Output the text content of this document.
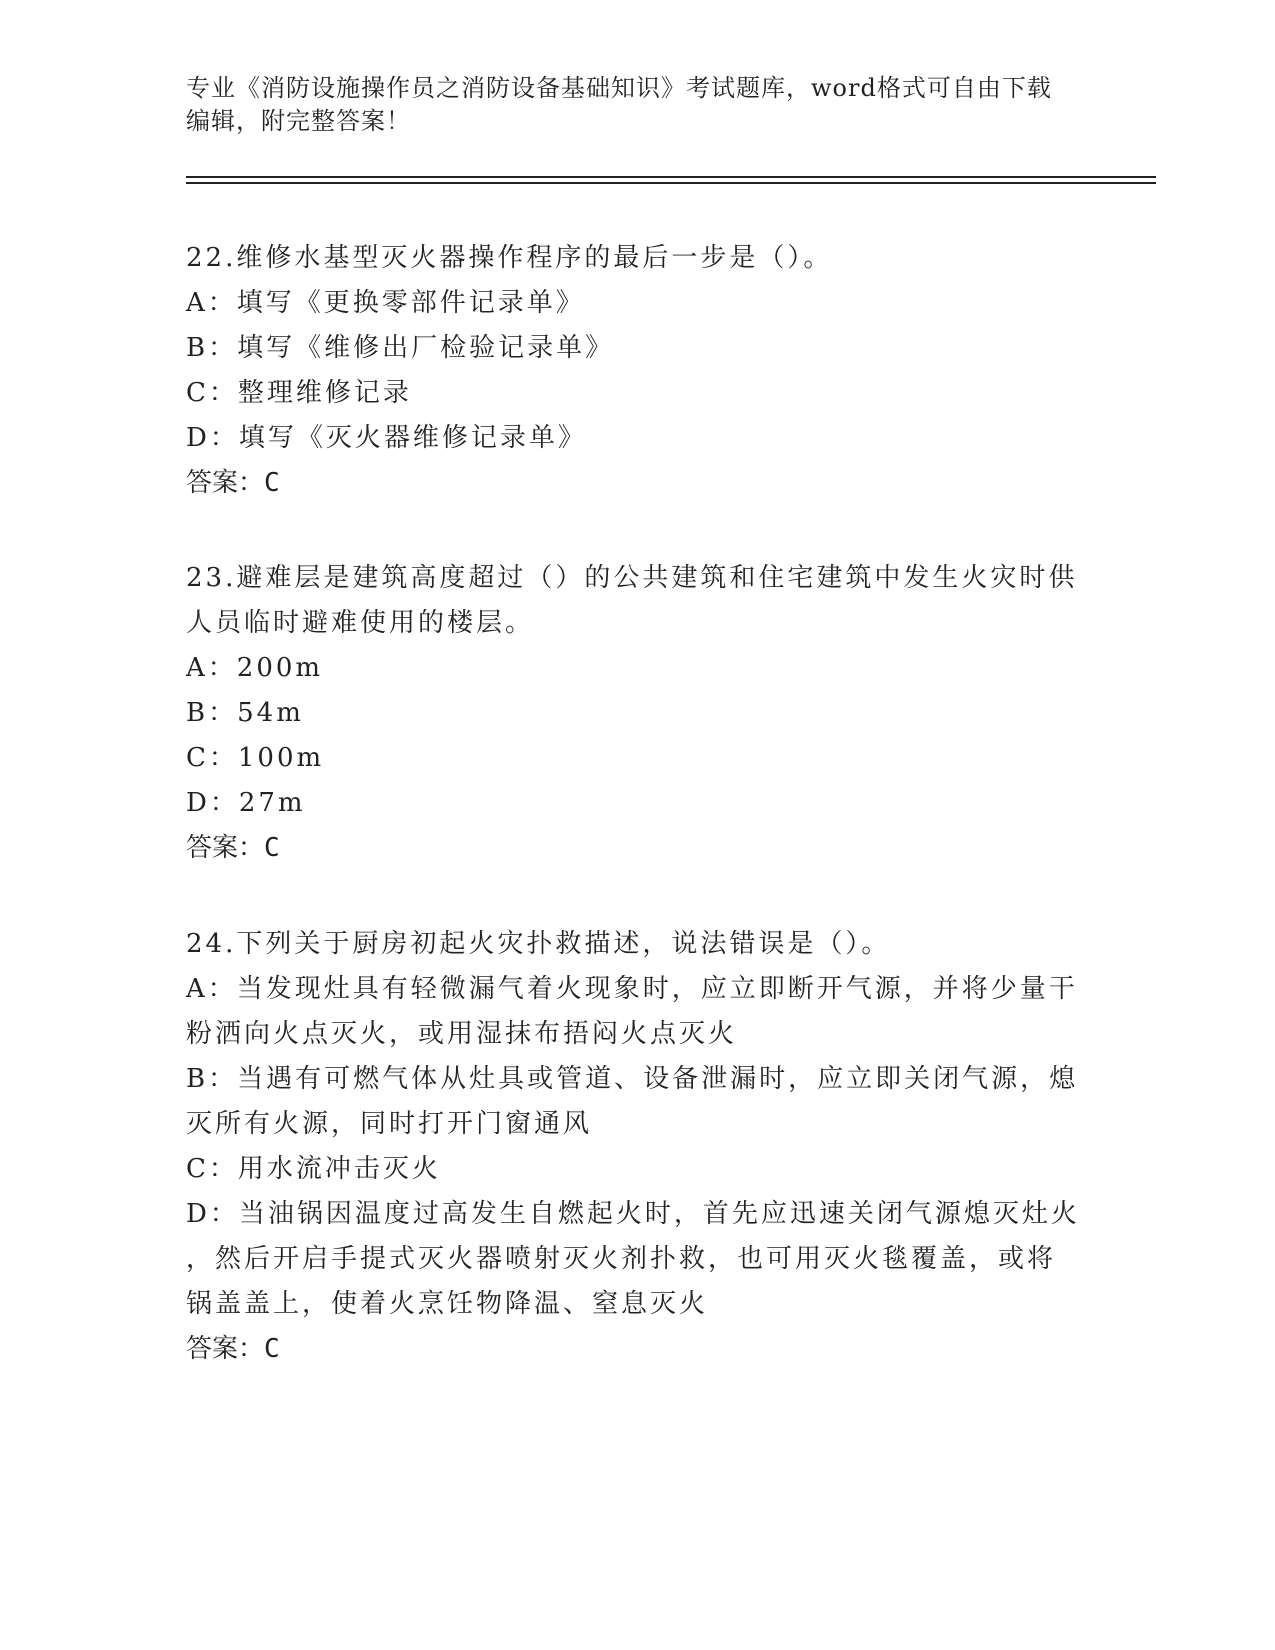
专业《消防设施操作员之消防设备基础知识》考试题库，word格式可自由下载编辑，附完整答案！
22.维修水基型灭火器操作程序的最后一步是（）。
A：填写《更换零部件记录单》
B：填写《维修出厂检验记录单》
C：整理维修记录
D：填写《灭火器维修记录单》
答案：C
23.避难层是建筑高度超过（）的公共建筑和住宅建筑中发生火灾时供
人员临时避难使用的楼层。
A：200m
B：54m
C：100m
D：27m
答案：C
24.下列关于厨房初起火灾扑救描述，说法错误是（）。
A：当发现灶具有轻微漏气着火现象时，应立即断开气源，并将少量干
粉洒向火点灭火，或用湿抹布捂闷火点灭火
B：当遇有可燃气体从灶具或管道、设备泄漏时，应立即关闭气源，熄
灭所有火源，同时打开门窗通风
C：用水流冲击灭火
D：当油锅因温度过高发生自燃起火时，首先应迅速关闭气源熄灭灶火
，然后开启手提式灭火器喷射灭火剂扑救，也可用灭火毯覆盖，或将
锅盖盖上，使着火烹饪物降温、窒息灭火
答案：C
